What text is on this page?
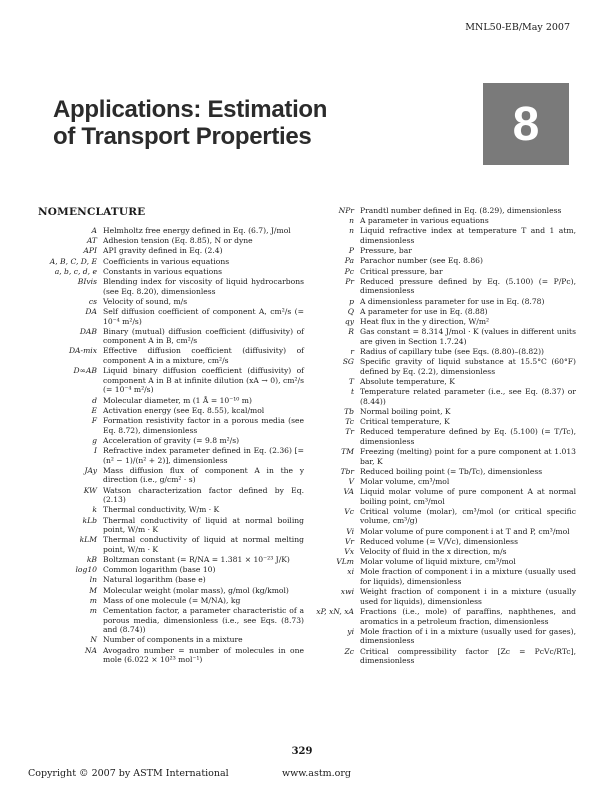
MNL50-EB/May 2007
Applications: Estimation
of Transport Properties	8
NOMENCLATURE
A Helmholtz free energy defined in Eq. (6.7), J/mol
AT Adhesion tension (Eq. 8.85), N or dyne
API API gravity defined in Eq. (2.4)
A, B, C, D, E Coefficients in various equations
a, b, c, d, e Constants in various equations
BIvis Blending index for viscosity of liquid hydrocarbons (see Eq. 8.20), dimensionless
cs Velocity of sound, m/s
DA Self diffusion coefficient of component A, cm²/s (= 10⁻⁴ m²/s)
DAB Binary (mutual) diffusion coefficient (diffusivity) of component A in B, cm²/s
DA-mix Effective diffusion coefficient (diffusivity) of component A in a mixture, cm²/s
D∞AB Liquid binary diffusion coefficient (diffusivity) of component A in B at infinite dilution (xA → 0), cm²/s (= 10⁻⁴ m²/s)
d Molecular diameter, m (1 Å = 10⁻¹⁰ m)
E Activation energy (see Eq. 8.55), kcal/mol
F Formation resistivity factor in a porous media (see Eq. 8.72), dimensionless
g Acceleration of gravity (= 9.8 m²/s)
I Refractive index parameter defined in Eq. (2.36) [= (n² − 1)/(n² + 2)], dimensionless
JAy Mass diffusion flux of component A in the y direction (i.e., g/cm² · s)
KW Watson characterization factor defined by Eq. (2.13)
k Thermal conductivity, W/m · K
kLb Thermal conductivity of liquid at normal boiling point, W/m · K
kLM Thermal conductivity of liquid at normal melting point, W/m · K
kB Boltzman constant (= R/NA = 1.381 × 10⁻²³ J/K)
log10 Common logarithm (base 10)
ln Natural logarithm (base e)
M Molecular weight (molar mass), g/mol (kg/kmol)
m Mass of one molecule (= M/NA), kg
m Cementation factor, a parameter characteristic of a porous media, dimensionless (i.e., see Eqs. (8.73) and (8.74))
N Number of components in a mixture
NA Avogadro number = number of molecules in one mole (6.022 × 10²³ mol⁻¹)
NPr Prandtl number defined in Eq. (8.29), dimensionless
n A parameter in various equations
n Liquid refractive index at temperature T and 1 atm, dimensionless
P Pressure, bar
Pa Parachor number (see Eq. 8.86)
Pc Critical pressure, bar
Pr Reduced pressure defined by Eq. (5.100) (= P/Pc), dimensionless
p A dimensionless parameter for use in Eq. (8.78)
Q A parameter for use in Eq. (8.88)
qy Heat flux in the y direction, W/m²
R Gas constant = 8.314 J/mol · K (values in different units are given in Section 1.7.24)
r Radius of capillary tube (see Eqs. (8.80)–(8.82))
SG Specific gravity of liquid substance at 15.5°C (60°F) defined by Eq. (2.2), dimensionless
T Absolute temperature, K
t Temperature related parameter (i.e., see Eq. (8.37) or (8.44))
Tb Normal boiling point, K
Tc Critical temperature, K
Tr Reduced temperature defined by Eq. (5.100) (= T/Tc), dimensionless
TM Freezing (melting) point for a pure component at 1.013 bar, K
Tbr Reduced boiling point (= Tb/Tc), dimensionless
V Molar volume, cm³/mol
VA Liquid molar volume of pure component A at normal boiling point, cm³/mol
Vc Critical volume (molar), cm³/mol (or critical specific volume, cm³/g)
Vi Molar volume of pure component i at T and P, cm³/mol
Vr Reduced volume (= V/Vc), dimensionless
Vx Velocity of fluid in the x direction, m/s
VLm Molar volume of liquid mixture, cm³/mol
xi Mole fraction of component i in a mixture (usually used for liquids), dimensionless
xwi Weight fraction of component i in a mixture (usually used for liquids), dimensionless
xP, xN, xA Fractions (i.e., mole) of paraffins, naphthenes, and aromatics in a petroleum fraction, dimensionless
yi Mole fraction of i in a mixture (usually used for gases), dimensionless
Zc Critical compressibility factor [Zc = PcVc/RTc], dimensionless
329
Copyright © 2007 by ASTM International	www.astm.org
